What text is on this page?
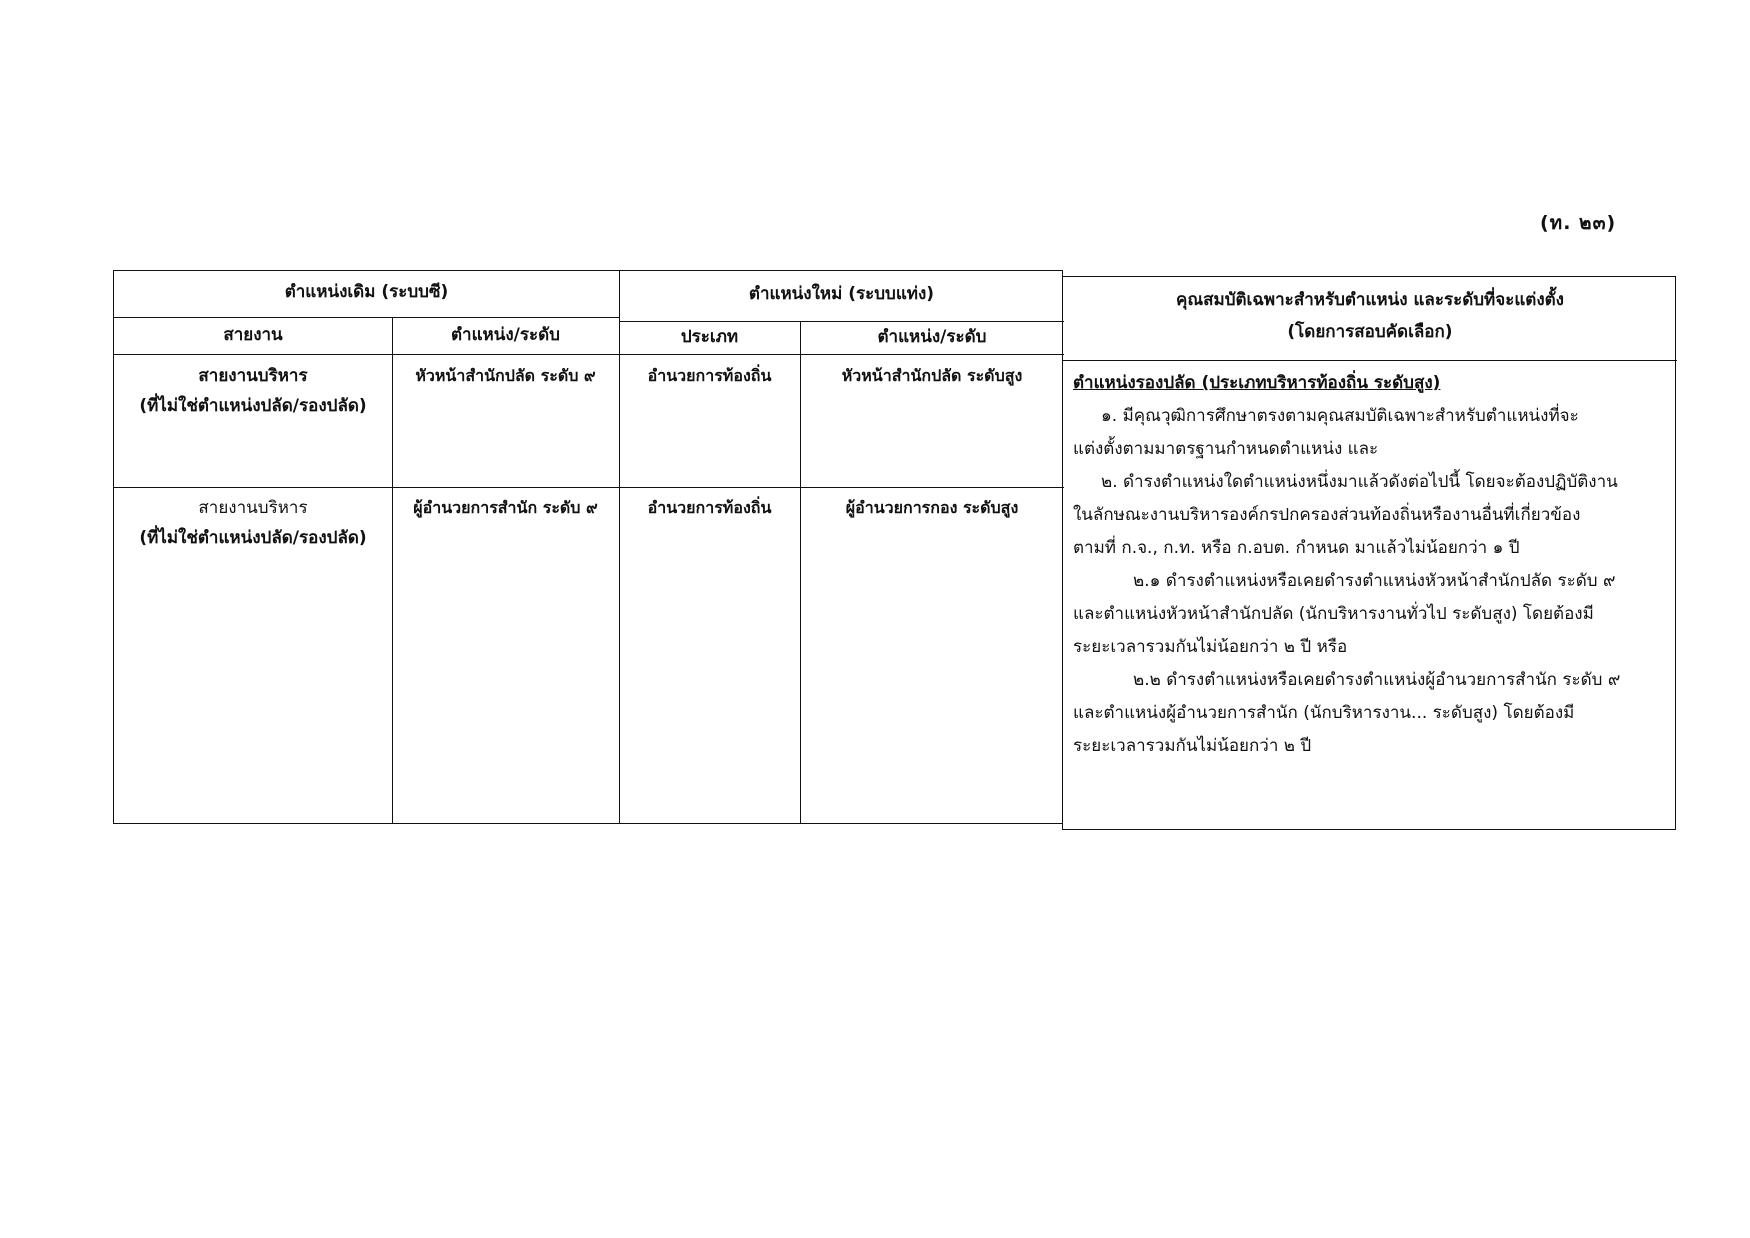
(ท. ๒๓)
ตำแหน่งเดิม (ระบบซี)	ตำแหน่งใหม่ (ระบบแท่ง)
สายงาน	ตำแหน่ง/ระดับ	ประเภท	ตำแหน่ง/ระดับ
สายงานบริหาร
(ที่ไม่ใช่ตำแหน่งปลัด/รองปลัด)
หัวหน้าสำนักปลัด ระดับ ๙	อำนวยการท้องถิ่น	หัวหน้าสำนักปลัด ระดับสูง
สายงานบริหาร
(ที่ไม่ใช่ตำแหน่งปลัด/รองปลัด)
ผู้อำนวยการสำนัก ระดับ ๙	อำนวยการท้องถิ่น	ผู้อำนวยการกอง ระดับสูง
คุณสมบัติเฉพาะสำหรับตำแหน่ง และระดับที่จะแต่งตั้ง
(โดยการสอบคัดเลือก)

ตำแหน่งรองปลัด (ประเภทบริหารท้องถิ่น ระดับสูง)

๑. มีคุณวุฒิการศึกษาตรงตามคุณสมบัติเฉพาะสำหรับตำแหน่งที่จะ

แต่งตั้งตามมาตรฐานกำหนดตำแหน่ง และ

๒. ดำรงตำแหน่งใดตำแหน่งหนึ่งมาแล้วดังต่อไปนี้ โดยจะต้องปฏิบัติงาน

ในลักษณะงานบริหารองค์กรปกครองส่วนท้องถิ่นหรืองานอื่นที่เกี่ยวข้อง

ตามที่ ก.จ., ก.ท. หรือ ก.อบต. กำหนด มาแล้วไม่น้อยกว่า ๑ ปี

๒.๑ ดำรงตำแหน่งหรือเคยดำรงตำแหน่งหัวหน้าสำนักปลัด ระดับ ๙

และตำแหน่งหัวหน้าสำนักปลัด (นักบริหารงานทั่วไป ระดับสูง) โดยต้องมี

ระยะเวลารวมกันไม่น้อยกว่า ๒ ปี หรือ

๒.๒ ดำรงตำแหน่งหรือเคยดำรงตำแหน่งผู้อำนวยการสำนัก ระดับ ๙

และตำแหน่งผู้อำนวยการสำนัก (นักบริหารงาน... ระดับสูง) โดยต้องมี

ระยะเวลารวมกันไม่น้อยกว่า ๒ ปี
